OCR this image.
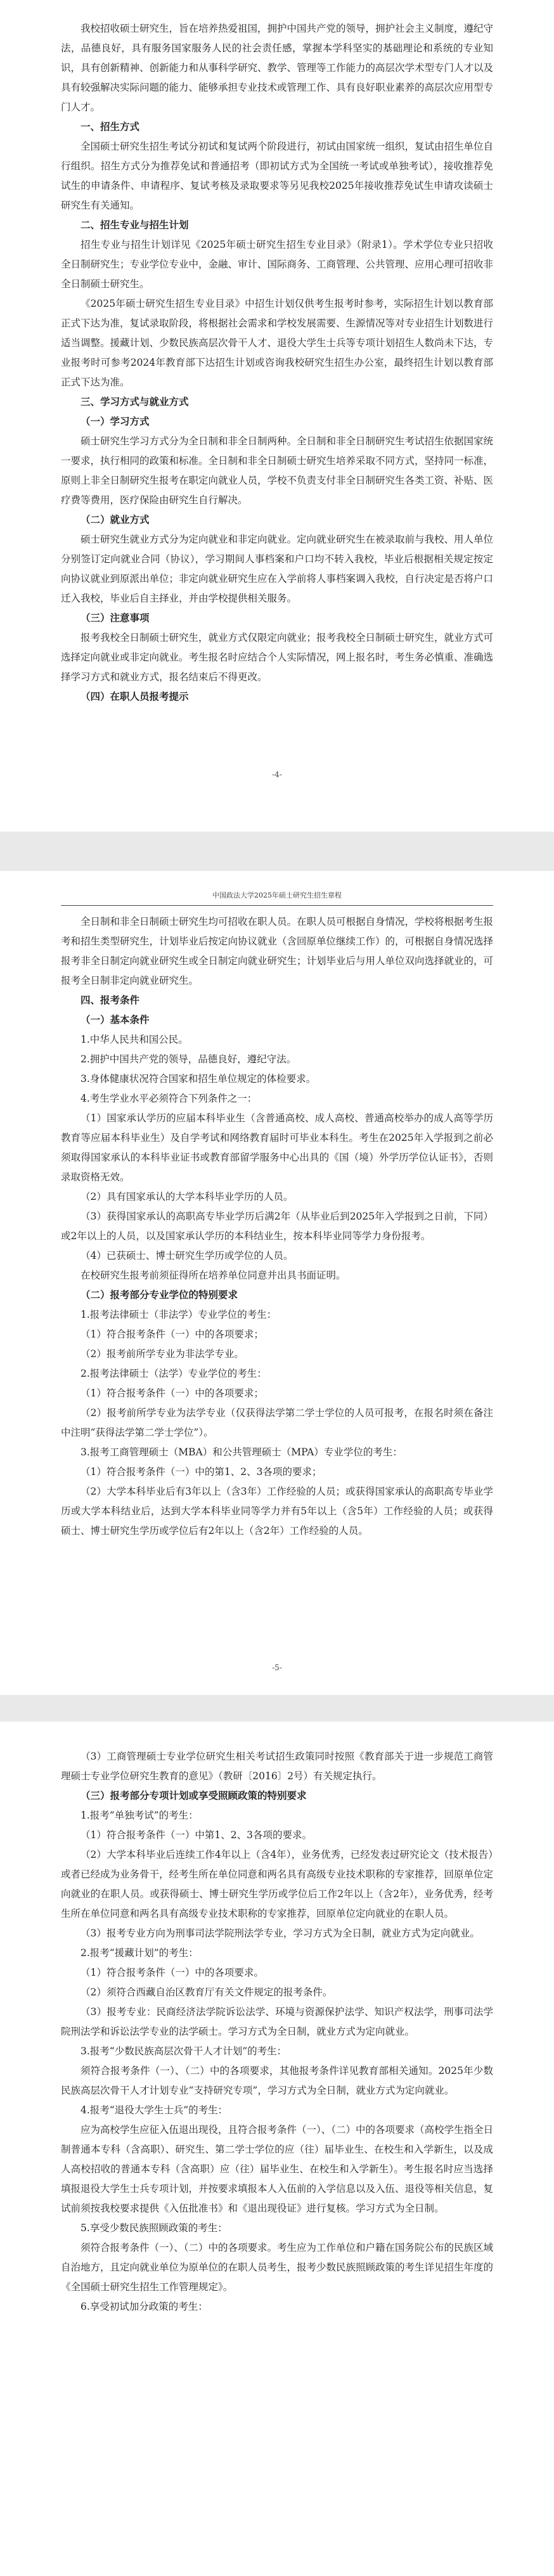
我校招收硕士研究生，旨在培养热爱祖国，拥护中国共产党的领导，拥护社会主义制度，遵纪守法，品德良好，具有服务国家服务人民的社会责任感，掌握本学科坚实的基础理论和系统的专业知识，具有创新精神、创新能力和从事科学研究、教学、管理等工作能力的高层次学术型专门人才以及具有较强解决实际问题的能力、能够承担专业技术或管理工作、具有良好职业素养的高层次应用型专门人才。

一、招生方式

全国硕士研究生招生考试分初试和复试两个阶段进行，初试由国家统一组织，复试由招生单位自行组织。招生方式分为推荐免试和普通招考（即初试方式为全国统一考试或单独考试），接收推荐免试生的申请条件、申请程序、复试考核及录取要求等另见我校2025年接收推荐免试生申请攻读硕士研究生有关通知。

二、招生专业与招生计划

招生专业与招生计划详见《2025年硕士研究生招生专业目录》（附录1）。学术学位专业只招收全日制研究生；专业学位专业中，金融、审计、国际商务、工商管理、公共管理、应用心理可招收非全日制硕士研究生。

《2025年硕士研究生招生专业目录》中招生计划仅供考生报考时参考，实际招生计划以教育部正式下达为准，复试录取阶段，将根据社会需求和学校发展需要、生源情况等对专业招生计划数进行适当调整。援藏计划、少数民族高层次骨干人才、退役大学生士兵等专项计划招生人数尚未下达，专业报考时可参考2024年教育部下达招生计划或咨询我校研究生招生办公室，最终招生计划以教育部正式下达为准。

三、学习方式与就业方式

（一）学习方式

硕士研究生学习方式分为全日制和非全日制两种。全日制和非全日制研究生考试招生依据国家统一要求，执行相同的政策和标准。全日制和非全日制硕士研究生培养采取不同方式，坚持同一标准，原则上非全日制研究生报考在职定向就业人员，学校不负责支付非全日制研究生各类工资、补贴、医疗费等费用，医疗保险由研究生自行解决。

（二）就业方式

硕士研究生就业方式分为定向就业和非定向就业。定向就业研究生在被录取前与我校、用人单位分别签订定向就业合同（协议），学习期间人事档案和户口均不转入我校，毕业后根据相关规定按定向协议就业到原派出单位；非定向就业研究生应在入学前将人事档案调入我校，自行决定是否将户口迁入我校，毕业后自主择业，并由学校提供相关服务。

（三）注意事项

报考我校全日制硕士研究生，就业方式仅限定向就业；报考我校全日制硕士研究生，就业方式可选择定向就业或非定向就业。考生报名时应结合个人实际情况，网上报名时，考生务必慎重、准确选择学习方式和就业方式，报名结束后不得更改。

（四）在职人员报考提示

-4-
中国政法大学2025年硕士研究生招生章程

全日制和非全日制硕士研究生均可招收在职人员。在职人员可根据自身情况，学校将根据考生报考和招生类型研究生，计划毕业后按定向协议就业（含回原单位继续工作）的，可根据自身情况选择报考非全日制定向就业研究生或全日制定向就业研究生；计划毕业后与用人单位双向选择就业的，可报考全日制非定向就业研究生。

四、报考条件

（一）基本条件

1.中华人民共和国公民。

2.拥护中国共产党的领导，品德良好，遵纪守法。

3.身体健康状况符合国家和招生单位规定的体检要求。

4.考生学业水平必须符合下列条件之一：

（1）国家承认学历的应届本科毕业生（含普通高校、成人高校、普通高校举办的成人高等学历教育等应届本科毕业生）及自学考试和网络教育届时可毕业本科生。考生在2025年入学报到之前必须取得国家承认的本科毕业证书或教育部留学服务中心出具的《国（境）外学历学位认证书》，否则录取资格无效。

（2）具有国家承认的大学本科毕业学历的人员。

（3）获得国家承认的高职高专毕业学历后满2年（从毕业后到2025年入学报到之日前，下同）或2年以上的人员，以及国家承认学历的本科结业生，按本科毕业同等学力身份报考。

（4）已获硕士、博士研究生学历或学位的人员。

在校研究生报考前须征得所在培养单位同意并出具书面证明。

（二）报考部分专业学位的特别要求

1.报考法律硕士（非法学）专业学位的考生：

（1）符合报考条件（一）中的各项要求；

（2）报考前所学专业为非法学专业。

2.报考法律硕士（法学）专业学位的考生：

（1）符合报考条件（一）中的各项要求；

（2）报考前所学专业为法学专业（仅获得法学第二学士学位的人员可报考，在报名时须在备注中注明“获得法学第二学士学位”）。

3.报考工商管理硕士（MBA）和公共管理硕士（MPA）专业学位的考生：

（1）符合报考条件（一）中的第1、2、3各项的要求；

（2）大学本科毕业后有3年以上（含3年）工作经验的人员；或获得国家承认的高职高专毕业学历或大学本科结业后，达到大学本科毕业同等学力并有5年以上（含5年）工作经验的人员；或获得硕士、博士研究生学历或学位后有2年以上（含2年）工作经验的人员。

-5-

（3）工商管理硕士专业学位研究生相关考试招生政策同时按照《教育部关于进一步规范工商管理硕士专业学位研究生教育的意见》（教研〔2016〕2号）有关规定执行。

（三）报考部分专项计划或享受照顾政策的特别要求

1.报考“单独考试”的考生：

（1）符合报考条件（一）中第1、2、3各项的要求。

（2）大学本科毕业后连续工作4年以上（含4年），业务优秀，已经发表过研究论文（技术报告）或者已经成为业务骨干，经考生所在单位同意和两名具有高级专业技术职称的专家推荐，回原单位定向就业的在职人员。或获得硕士、博士研究生学历或学位后工作2年以上（含2年），业务优秀，经考生所在单位同意和两名具有高级专业技术职称的专家推荐，回原单位定向就业的在职人员。

（3）报考专业方向为刑事司法学院刑法学专业，学习方式为全日制，就业方式为定向就业。

2.报考“援藏计划”的考生：

（1）符合报考条件（一）中的各项要求。

（2）须符合西藏自治区教育厅有关文件规定的报考条件。

（3）报考专业：民商经济法学院诉讼法学、环境与资源保护法学、知识产权法学，刑事司法学院刑法学和诉讼法学专业的法学硕士。学习方式为全日制，就业方式为定向就业。

3.报考“少数民族高层次骨干人才计划”的考生：

须符合报考条件（一）、（二）中的各项要求，其他报考条件详见教育部相关通知。2025年少数民族高层次骨干人才计划专业“支持研究专项”，学习方式为全日制，就业方式为定向就业。

4.报考“退役大学生士兵”的考生：

应为高校学生应征入伍退出现役，且符合报考条件（一）、（二）中的各项要求（高校学生指全日制普通本专科（含高职）、研究生、第二学士学位的应（往）届毕业生、在校生和入学新生，以及成人高校招收的普通本专科（含高职）应（往）届毕业生、在校生和入学新生）。考生报名时应当选择填报退役大学生士兵专项计划，并按要求填报本人入伍前的入学信息以及入伍、退役等相关信息，复试前须按我校要求提供《入伍批准书》和《退出现役证》进行复核。学习方式为全日制。

5.享受少数民族照顾政策的考生：

须符合报考条件（一）、（二）中的各项要求。考生应为工作单位和户籍在国务院公布的民族区域自治地方，且定向就业单位为原单位的在职人员考生，报考少数民族照顾政策的考生详见招生年度的《全国硕士研究生招生工作管理规定》。

6.享受初试加分政策的考生：
